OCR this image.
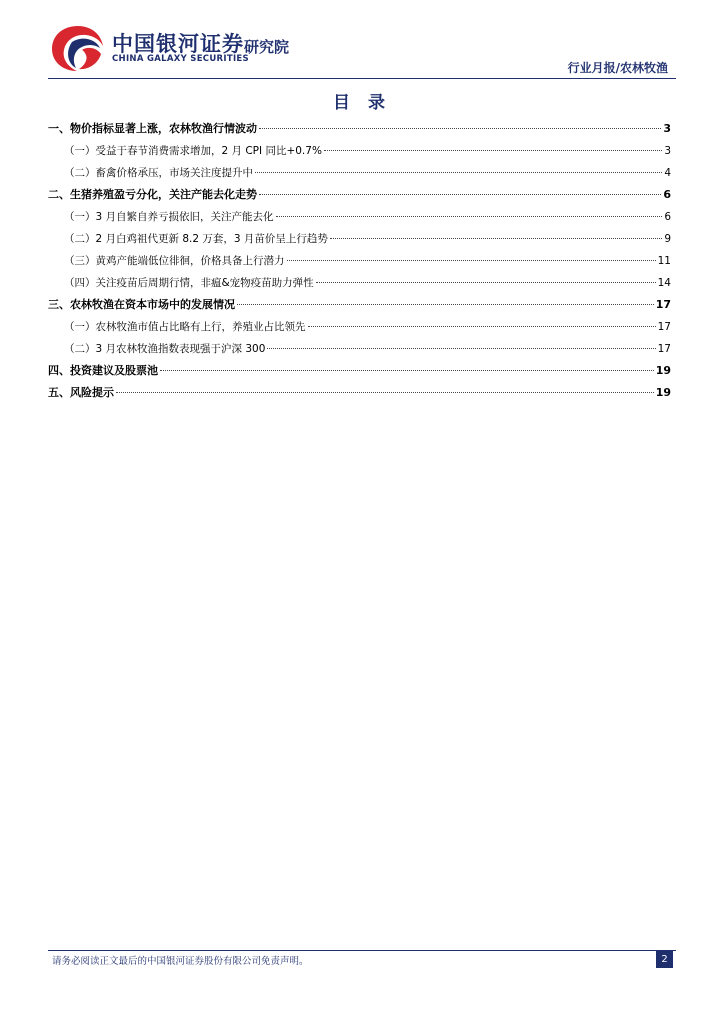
中国银河证券
CHINA GALAXY SECURITIES
研究院
行业月报/农林牧渔
目 录
一、物价指标显著上涨，农林牧渔行情波动	3
（一）受益于春节消费需求增加，2 月 CPI 同比+0.7%	3
（二）畜禽价格承压，市场关注度提升中	4
二、生猪养殖盈亏分化，关注产能去化走势	6
（一）3 月自繁自养亏损依旧，关注产能去化	6
（二）2 月白鸡祖代更新 8.2 万套，3 月苗价呈上行趋势	9
（三）黄鸡产能端低位徘徊，价格具备上行潜力	11
（四）关注疫苗后周期行情，非瘟&宠物疫苗助力弹性	14
三、农林牧渔在资本市场中的发展情况	17
（一）农林牧渔市值占比略有上行，养殖业占比领先	17
（二）3 月农林牧渔指数表现强于沪深 300	17
四、投资建议及股票池	19
五、风险提示	19
请务必阅读正文最后的中国银河证券股份有限公司免责声明。	2
